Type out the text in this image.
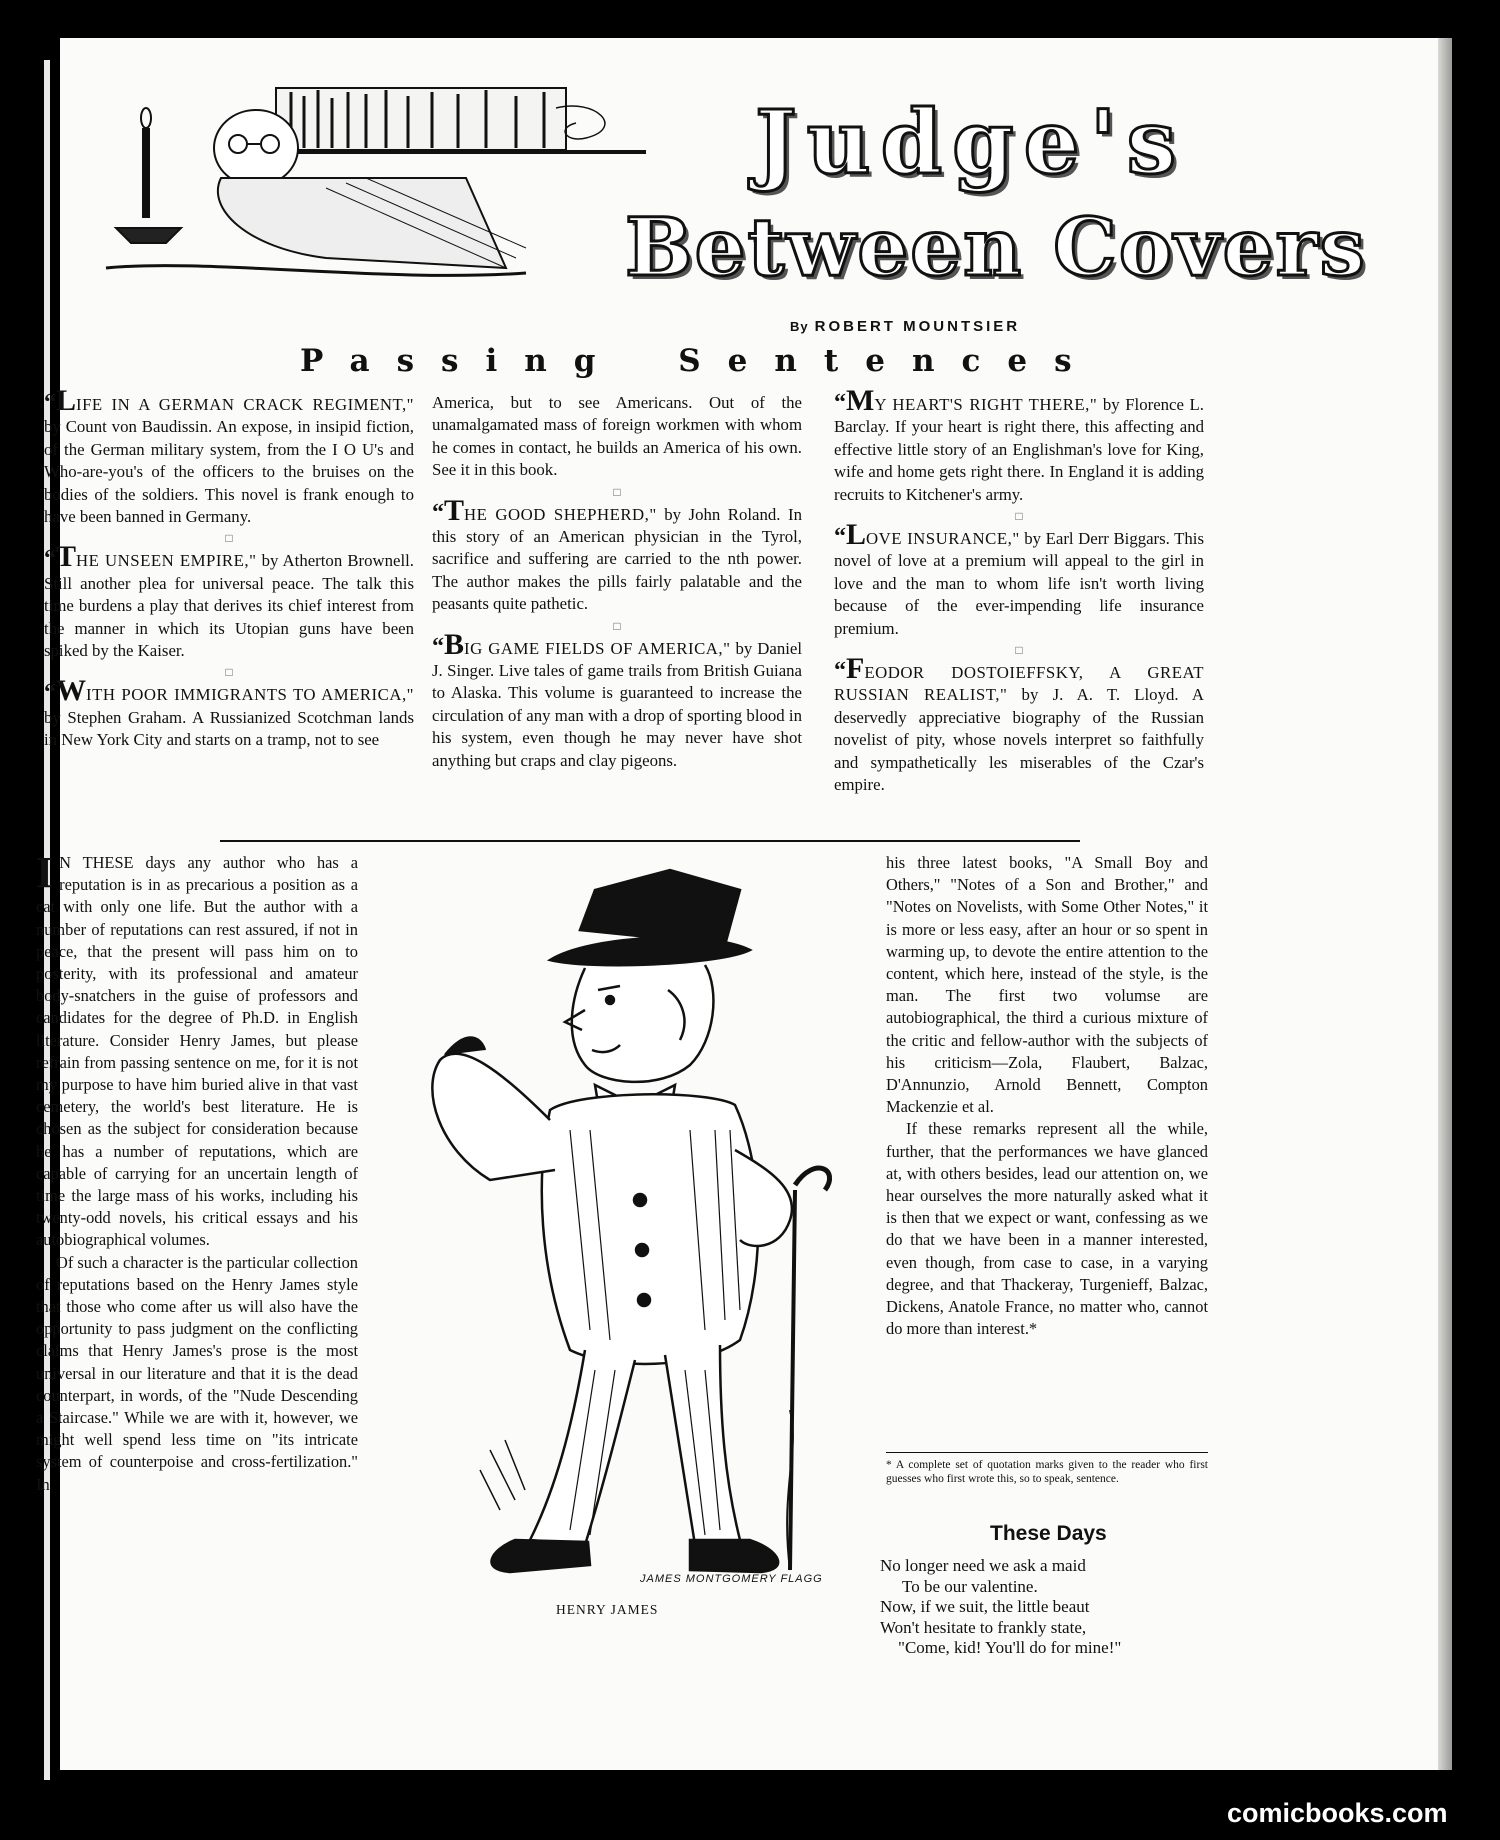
Judge's
Between Covers
By ROBERT MOUNTSIER
Passing Sentences
“LIFE IN A GERMAN CRACK REGIMENT," by Count von Baudissin. An expose, in insipid fiction, of the German military system, from the I O U's and Who-are-you's of the officers to the bruises on the bodies of the soldiers. This novel is frank enough to have been banned in Germany.
□
“THE UNSEEN EMPIRE," by Atherton Brownell. Still another plea for universal peace. The talk this time burdens a play that derives its chief interest from the manner in which its Utopian guns have been spiked by the Kaiser.
□
“WITH POOR IMMIGRANTS TO AMERICA," by Stephen Graham. A Russianized Scotchman lands in New York City and starts on a tramp, not to see
America, but to see Americans. Out of the unamalgamated mass of foreign workmen with whom he comes in contact, he builds an America of his own. See it in this book.
□
“THE GOOD SHEPHERD," by John Roland. In this story of an American physician in the Tyrol, sacrifice and suffering are carried to the nth power. The author makes the pills fairly palatable and the peasants quite pathetic.
□
“BIG GAME FIELDS OF AMERICA," by Daniel J. Singer. Live tales of game trails from British Guiana to Alaska. This volume is guaranteed to increase the circulation of any man with a drop of sporting blood in his system, even though he may never have shot anything but craps and clay pigeons.
“MY HEART'S RIGHT THERE," by Florence L. Barclay. If your heart is right there, this affecting and effective little story of an Englishman's love for King, wife and home gets right there. In England it is adding recruits to Kitchener's army.
□
“LOVE INSURANCE," by Earl Derr Biggars. This novel of love at a premium will appeal to the girl in love and the man to whom life isn't worth living because of the ever-impending life insurance premium.
□
“FEODOR DOSTOIEFFSKY, A GREAT RUSSIAN REALIST," by J. A. T. Lloyd. A deservedly appreciative biography of the Russian novelist of pity, whose novels interpret so faithfully and sympathetically les miserables of the Czar's empire.

I N THESE days any author who has a reputation is in as precarious a position as a cat with only one life. But the author with a number of reputations can rest assured, if not in peace, that the present will pass him on to posterity, with its professional and amateur body-snatchers in the guise of professors and candidates for the degree of Ph.D. in English literature. Consider Henry James, but please refrain from passing sentence on me, for it is not my purpose to have him buried alive in that vast cemetery, the world's best literature. He is chosen as the subject for consideration because he has a number of reputations, which are capable of carrying for an uncertain length of time the large mass of his works, including his twenty-odd novels, his critical essays and his autobiographical volumes.

Of such a character is the particular collection of reputations based on the Henry James style that those who come after us will also have the opportunity to pass judgment on the conflicting claims that Henry James's prose is the most universal in our literature and that it is the dead counterpart, in words, of the "Nude Descending a Staircase." While we are with it, however, we might well spend less time on "its intricate system of counterpoise and cross-fertilization." In

JAMES MONTGOMERY FLAGG
HENRY JAMES

his three latest books, "A Small Boy and Others," "Notes of a Son and Brother," and "Notes on Novelists, with Some Other Notes," it is more or less easy, after an hour or so spent in warming up, to devote the entire attention to the content, which here, instead of the style, is the man. The first two volumse are autobiographical, the third a curious mixture of the critic and fellow-author with the subjects of his criticism—Zola, Flaubert, Balzac, D'Annunzio, Arnold Bennett, Compton Mackenzie et al.

If these remarks represent all the while, further, that the performances we have glanced at, with others besides, lead our attention on, we hear ourselves the more naturally asked what it is then that we expect or want, confessing as we do that we have been in a manner interested, even though, from case to case, in a varying degree, and that Thackeray, Turgenieff, Balzac, Dickens, Anatole France, no matter who, cannot do more than interest.*

* A complete set of quotation marks given to the reader who first guesses who first wrote this, so to speak, sentence.
These Days
No longer need we ask a maid
To be our valentine.
Now, if we suit, the little beaut
Won't hesitate to frankly state,
"Come, kid! You'll do for mine!"
comicbooks.com
